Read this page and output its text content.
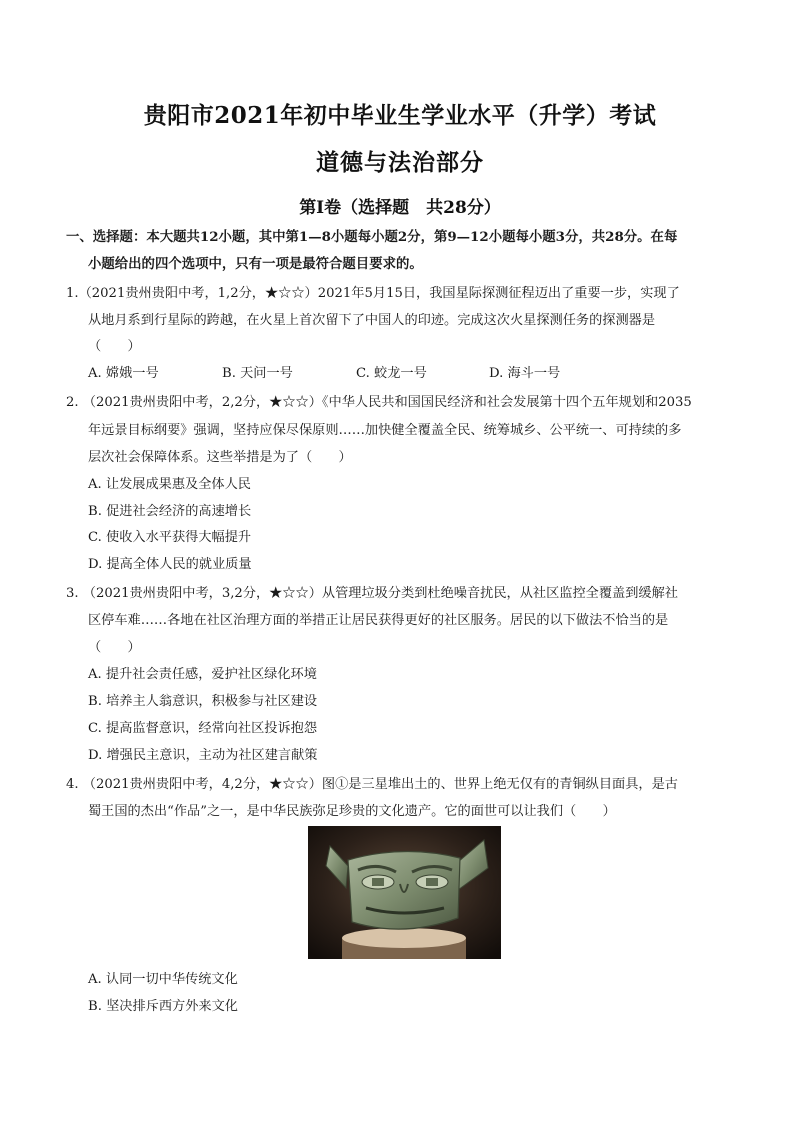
贵阳市2021年初中毕业生学业水平（升学）考试
道德与法治部分
第Ⅰ卷（选择题　共28分）
一、选择题：本大题共12小题，其中第1—8小题每小题2分，第9—12小题每小题3分，共28分。在每
小题给出的四个选项中，只有一项是最符合题目要求的。
1.（2021贵州贵阳中考，1,2分，★☆☆）2021年5月15日，我国星际探测征程迈出了重要一步，实现了
从地月系到行星际的跨越，在火星上首次留下了中国人的印迹。完成这次火星探测任务的探测器是
（　　）
A. 嫦娥一号	B. 天问一号	C. 蛟龙一号	D. 海斗一号
2. （2021贵州贵阳中考，2,2分，★☆☆）《中华人民共和国国民经济和社会发展第十四个五年规划和2035
年远景目标纲要》强调，坚持应保尽保原则……加快健全覆盖全民、统筹城乡、公平统一、可持续的多
层次社会保障体系。这些举措是为了（　　）
A. 让发展成果惠及全体人民
B. 促进社会经济的高速增长
C. 使收入水平获得大幅提升
D. 提高全体人民的就业质量
3. （2021贵州贵阳中考，3,2分，★☆☆）从管理垃圾分类到杜绝噪音扰民，从社区监控全覆盖到缓解社
区停车难……各地在社区治理方面的举措正让居民获得更好的社区服务。居民的以下做法不恰当的是
（　　）
A. 提升社会责任感，爱护社区绿化环境
B. 培养主人翁意识，积极参与社区建设
C. 提高监督意识，经常向社区投诉抱怨
D. 增强民主意识，主动为社区建言献策
4. （2021贵州贵阳中考，4,2分，★☆☆）图①是三星堆出土的、世界上绝无仅有的青铜纵目面具，是古
蜀王国的杰出“作品”之一，是中华民族弥足珍贵的文化遗产。它的面世可以让我们（　　）
A. 认同一切中华传统文化
B. 坚决排斥西方外来文化
